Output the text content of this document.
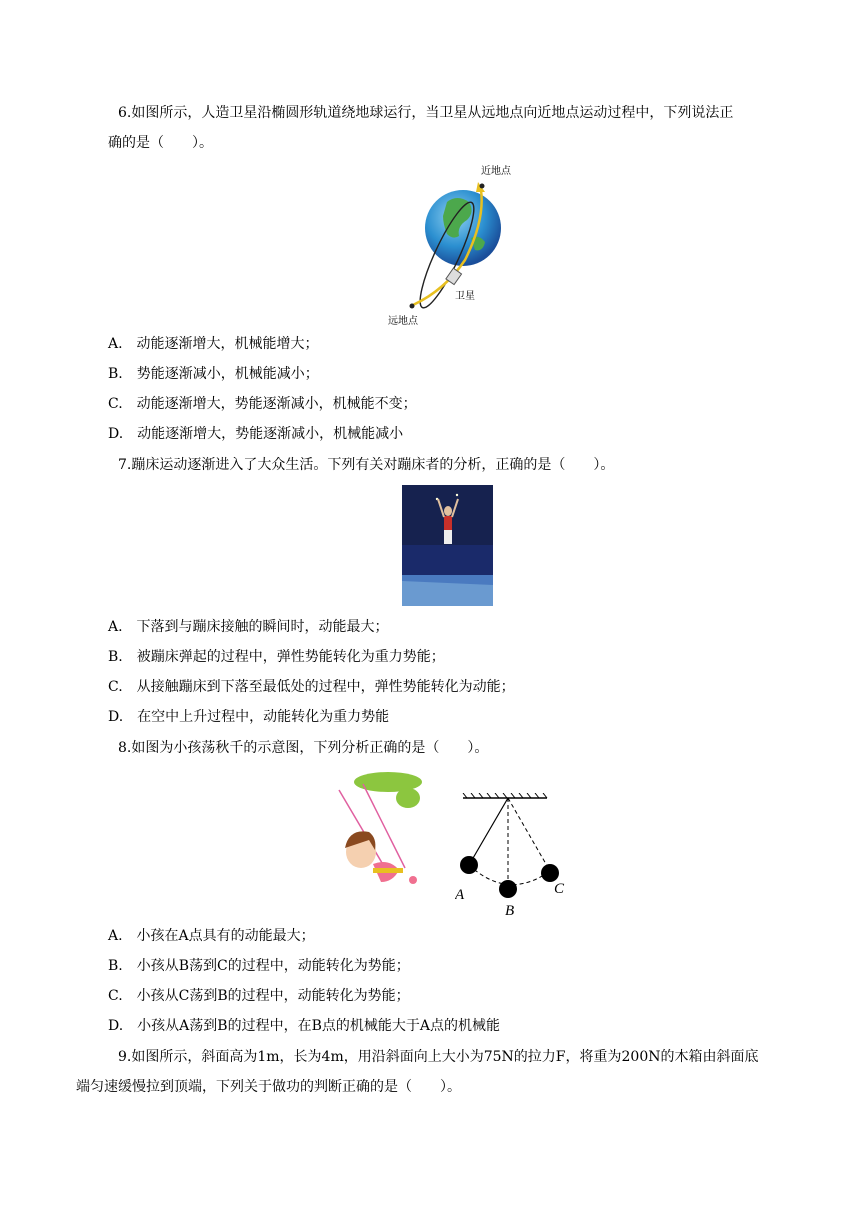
6.如图所示，人造卫星沿椭圆形轨道绕地球运行，当卫星从远地点向近地点运动过程中，下列说法正
确的是（　　）。
近地点
卫星
远地点
A.　动能逐渐增大，机械能增大；
B.　势能逐渐减小，机械能减小；
C.　动能逐渐增大，势能逐渐减小，机械能不变；
D.　动能逐渐增大，势能逐渐减小，机械能减小
7.蹦床运动逐渐进入了大众生活。下列有关对蹦床者的分析，正确的是（　　）。
A.　下落到与蹦床接触的瞬间时，动能最大；
B.　被蹦床弹起的过程中，弹性势能转化为重力势能；
C.　从接触蹦床到下落至最低处的过程中，弹性势能转化为动能；
D.　在空中上升过程中，动能转化为重力势能
8.如图为小孩荡秋千的示意图，下列分析正确的是（　　）。
A
B
C
A.　小孩在A点具有的动能最大；
B.　小孩从B荡到C的过程中，动能转化为势能；
C.　小孩从C荡到B的过程中，动能转化为势能；
D.　小孩从A荡到B的过程中，在B点的机械能大于A点的机械能
9.如图所示，斜面高为1m，长为4m，用沿斜面向上大小为75N的拉力F，将重为200N的木箱由斜面底
端匀速缓慢拉到顶端，下列关于做功的判断正确的是（　　）。
